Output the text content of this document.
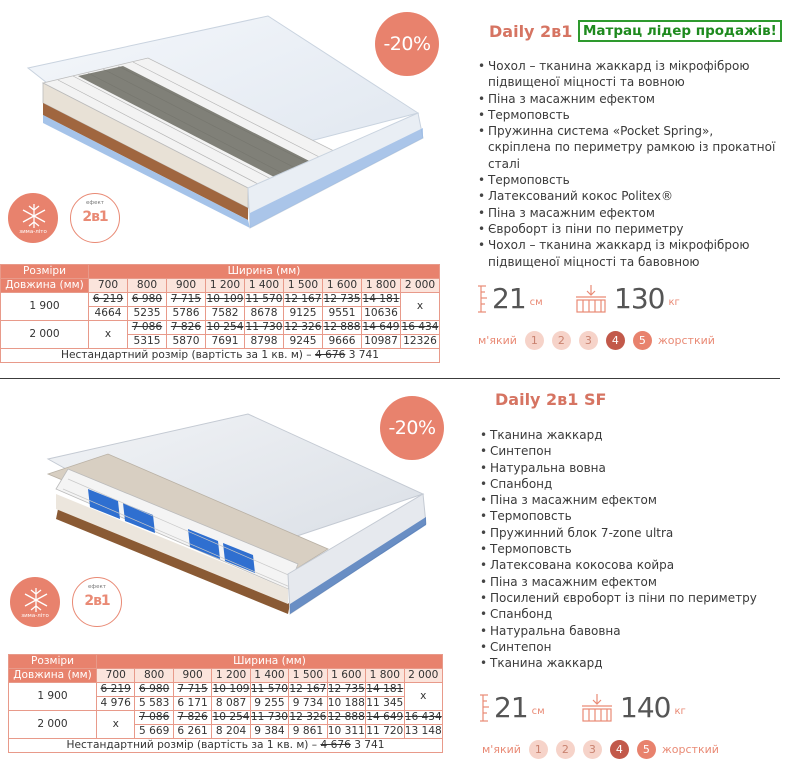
-20%
зима-літо
ефект
2в1
Daily 2в1 Матрац лідер продажів!
• Чохол – тканина жаккард із мікрофіброю підвищеної міцності та вовною
• Піна з масажним ефектом
• Термоповсть
• Пружинна система «Pocket Spring», скріплена по периметру рамкою із прокатної сталі
• Термоповсть
• Латексований кокос Politex®
• Піна з масажним ефектом
• Євроборт із піни по периметру
• Чохол – тканина жаккард із мікрофіброю підвищеної міцності та бавовною
21 см	130 кг
м'який	1	2	3	4	5	жорсткий
Розміри	Ширина (мм)								
Довжина (мм)	700	800	900	1 200	1 400	1 500	1 600	1 800	2 000
1 900	6 219	6 980	7 715	10 109	11 570	12 167	12 735	14 181	x
	4664	5235	5786	7582	8678	9125	9551	10636	
2 000	x	7 086	7 826	10 254	11 730	12 326	12 888	14 649	16 434
		5315	5870	7691	8798	9245	9666	10987	12326
Нестандартний розмір (вартість за 1 кв. м) – 4 676 3 741									
-20%
зима-літо
ефект
2в1
Daily 2в1 SF
• Тканина жаккард
• Синтепон
• Натуральна вовна
• Спанбонд
• Піна з масажним ефектом
• Термоповсть
• Пружинний блок 7-zone ultra
• Термоповсть
• Латексована кокосова койра
• Піна з масажним ефектом
• Посилений євроборт із піни по периметру
• Спанбонд
• Натуральна бавовна
• Синтепон
• Тканина жаккард
21 см	140 кг
м'який	1	2	3	4	5	жорсткий
Розміри	Ширина (мм)								
Довжина (мм)	700	800	900	1 200	1 400	1 500	1 600	1 800	2 000
1 900	6 219	6 980	7 715	10 109	11 570	12 167	12 735	14 181	x
	4 976	5 583	6 171	8 087	9 255	9 734	10 188	11 345	
2 000	x	7 086	7 826	10 254	11 730	12 326	12 888	14 649	16 434
		5 669	6 261	8 204	9 384	9 861	10 311	11 720	13 148
Нестандартний розмір (вартість за 1 кв. м) – 4 676 3 741									
